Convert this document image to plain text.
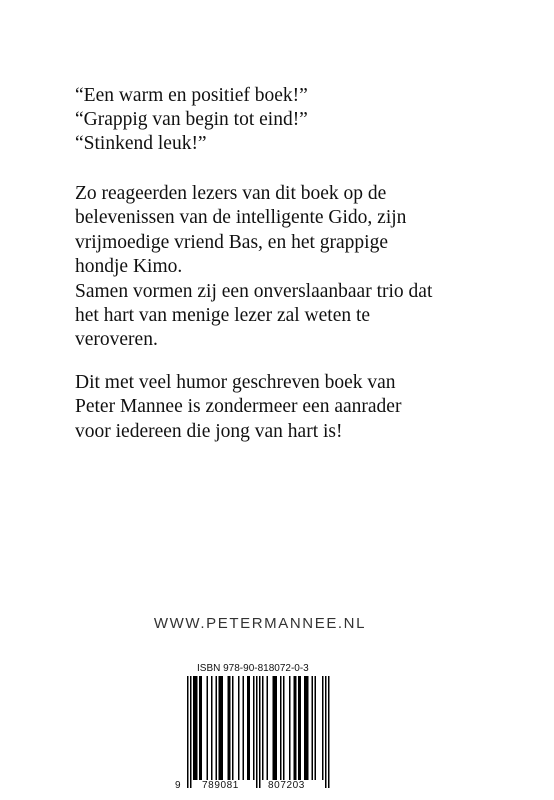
“Een warm en positief boek!”
“Grappig van begin tot eind!”
“Stinkend leuk!”
Zo reageerden lezers van dit boek op de
belevenissen van de intelligente Gido, zijn
vrijmoedige vriend Bas, en het grappige
hondje Kimo.
Samen vormen zij een onverslaanbaar trio dat
het hart van menige lezer zal weten te
veroveren.
Dit met veel humor geschreven boek van
Peter Mannee is zondermeer een aanrader
voor iedereen die jong van hart is!
WWW.PETERMANNEE.NL
ISBN 978-90-818072-0-3
9 789081	807203
